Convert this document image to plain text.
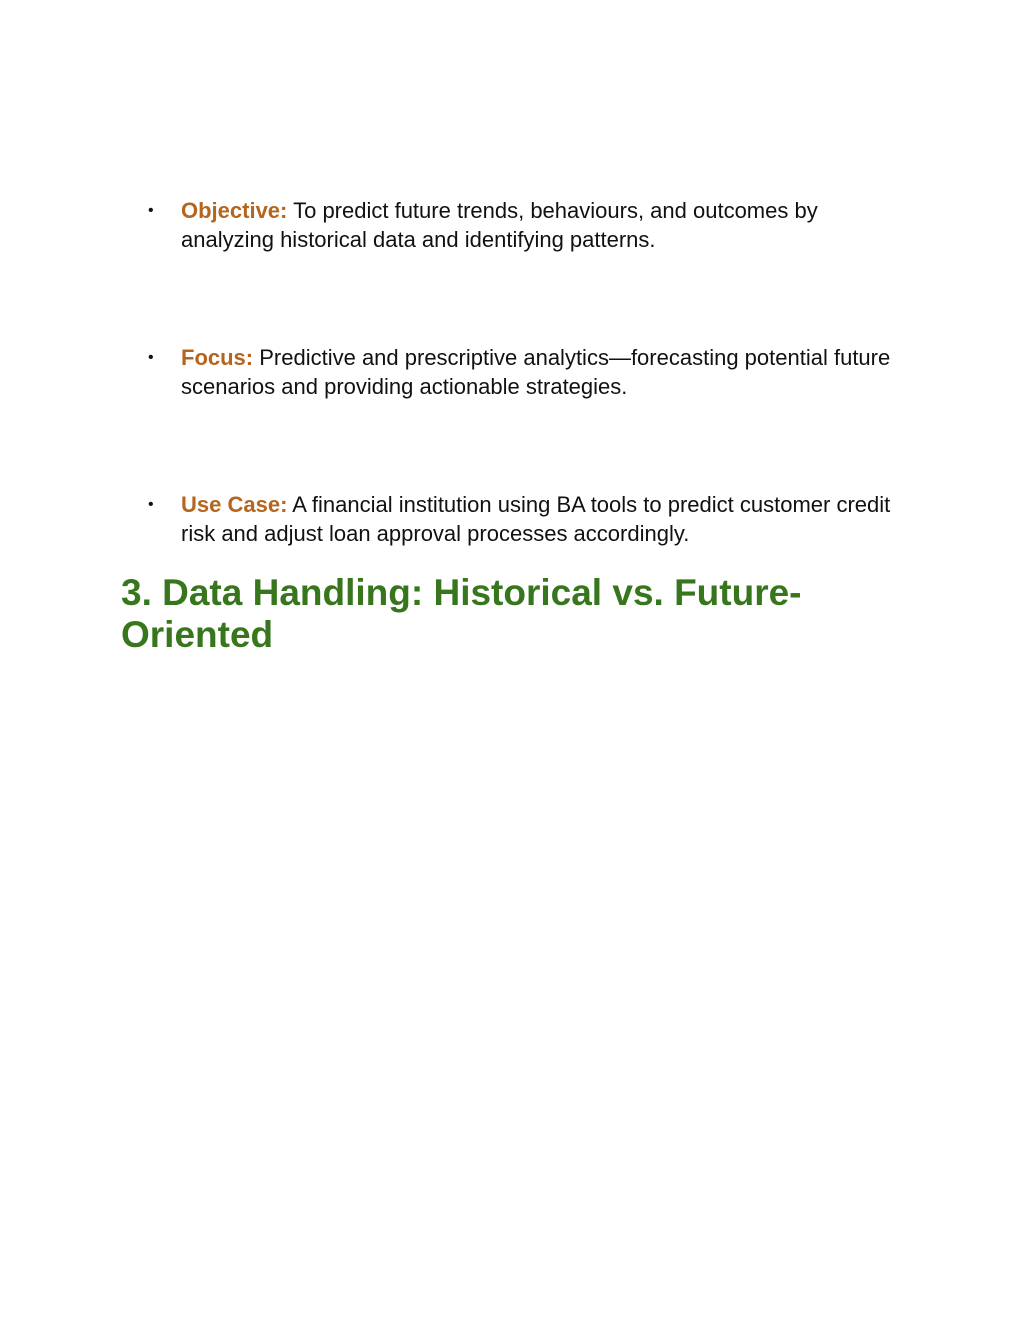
•	Objective: To predict future trends, behaviours, and outcomes by analyzing historical data and identifying patterns.
•	Focus: Predictive and prescriptive analytics—forecasting potential future scenarios and providing actionable strategies.
•	Use Case: A financial institution using BA tools to predict customer credit risk and adjust loan approval processes accordingly.
3. Data Handling: Historical vs. Future-Oriented
